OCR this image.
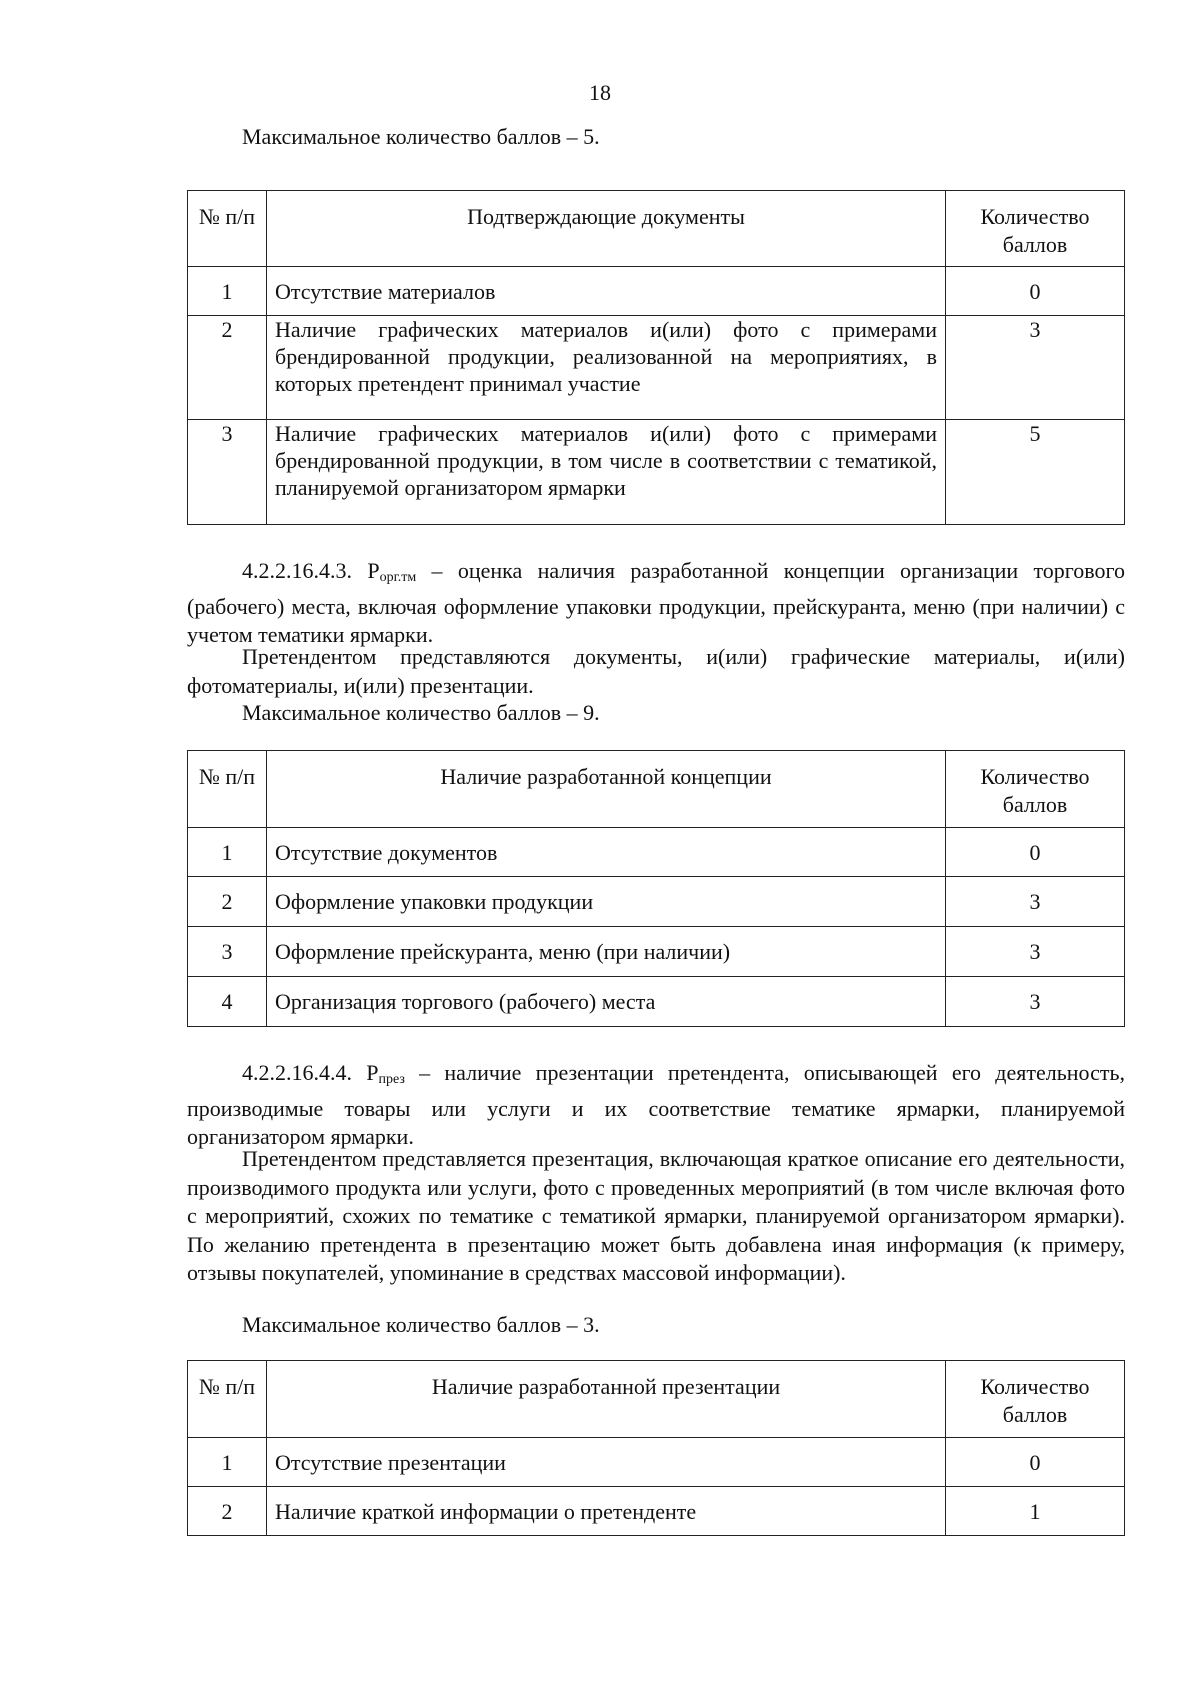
18

Максимальное количество баллов – 5.

№ п/п	Подтверждающие документы	Количество баллов
1	Отсутствие материалов	0
2	Наличие графических материалов и(или) фото с примерами брендированной продукции, реализованной на мероприятиях, в которых претендент принимал участие	3
3	Наличие графических материалов и(или) фото с примерами брендированной продукции, в том числе в соответствии с тематикой, планируемой организатором ярмарки	5

4.2.2.16.4.3. $P_{орг.тм}$ – оценка наличия разработанной концепции организации торгового (рабочего) места, включая оформление упаковки продукции, прейскуранта, меню (при наличии) с учетом тематики ярмарки.

Претендентом представляются документы, и(или) графические материалы, и(или) фотоматериалы, и(или) презентации.

Максимальное количество баллов – 9.

№ п/п	Наличие разработанной концепции	Количество баллов
1	Отсутствие документов	0
2	Оформление упаковки продукции	3
3	Оформление прейскуранта, меню (при наличии)	3
4	Организация торгового (рабочего) места	3

4.2.2.16.4.4. $P_{през}$ – наличие презентации претендента, описывающей его деятельность, производимые товары или услуги и их соответствие тематике ярмарки, планируемой организатором ярмарки.

Претендентом представляется презентация, включающая краткое описание его деятельности, производимого продукта или услуги, фото с проведенных мероприятий (в том числе включая фото с мероприятий, схожих по тематике с тематикой ярмарки, планируемой организатором ярмарки). По желанию претендента в презентацию может быть добавлена иная информация (к примеру, отзывы покупателей, упоминание в средствах массовой информации).

Максимальное количество баллов – 3.

№ п/п	Наличие разработанной презентации	Количество баллов
1	Отсутствие презентации	0
2	Наличие краткой информации о претенденте	1
